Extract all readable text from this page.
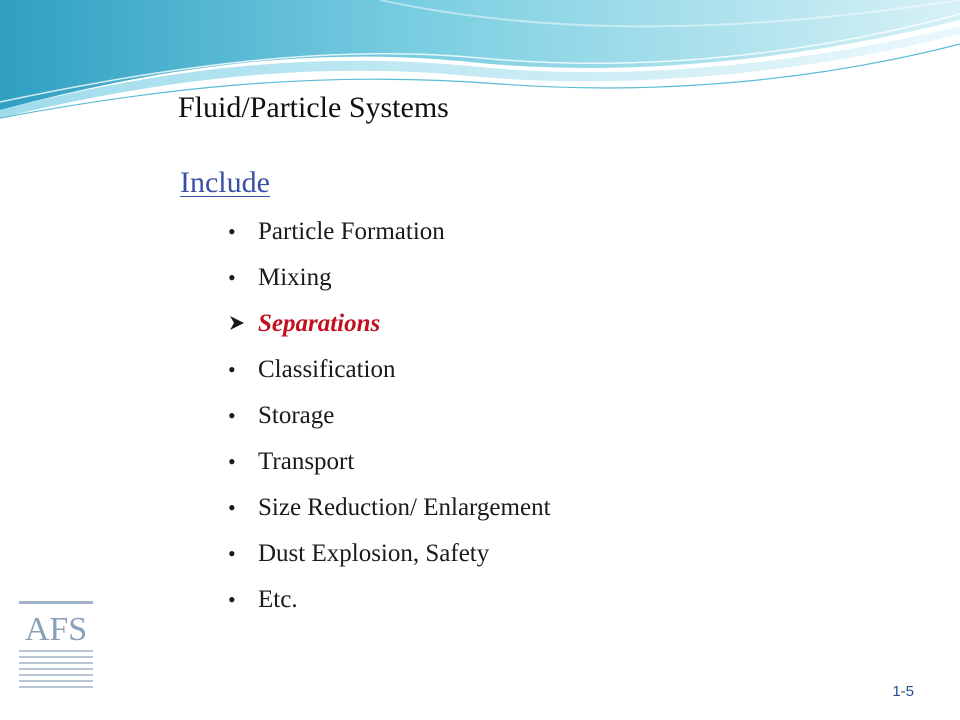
Fluid/Particle Systems
Include
• Particle Formation
• Mixing
Separations
• Classification
• Storage
• Transport
• Size Reduction/ Enlargement
• Dust Explosion, Safety
• Etc.
AFS
1-5
